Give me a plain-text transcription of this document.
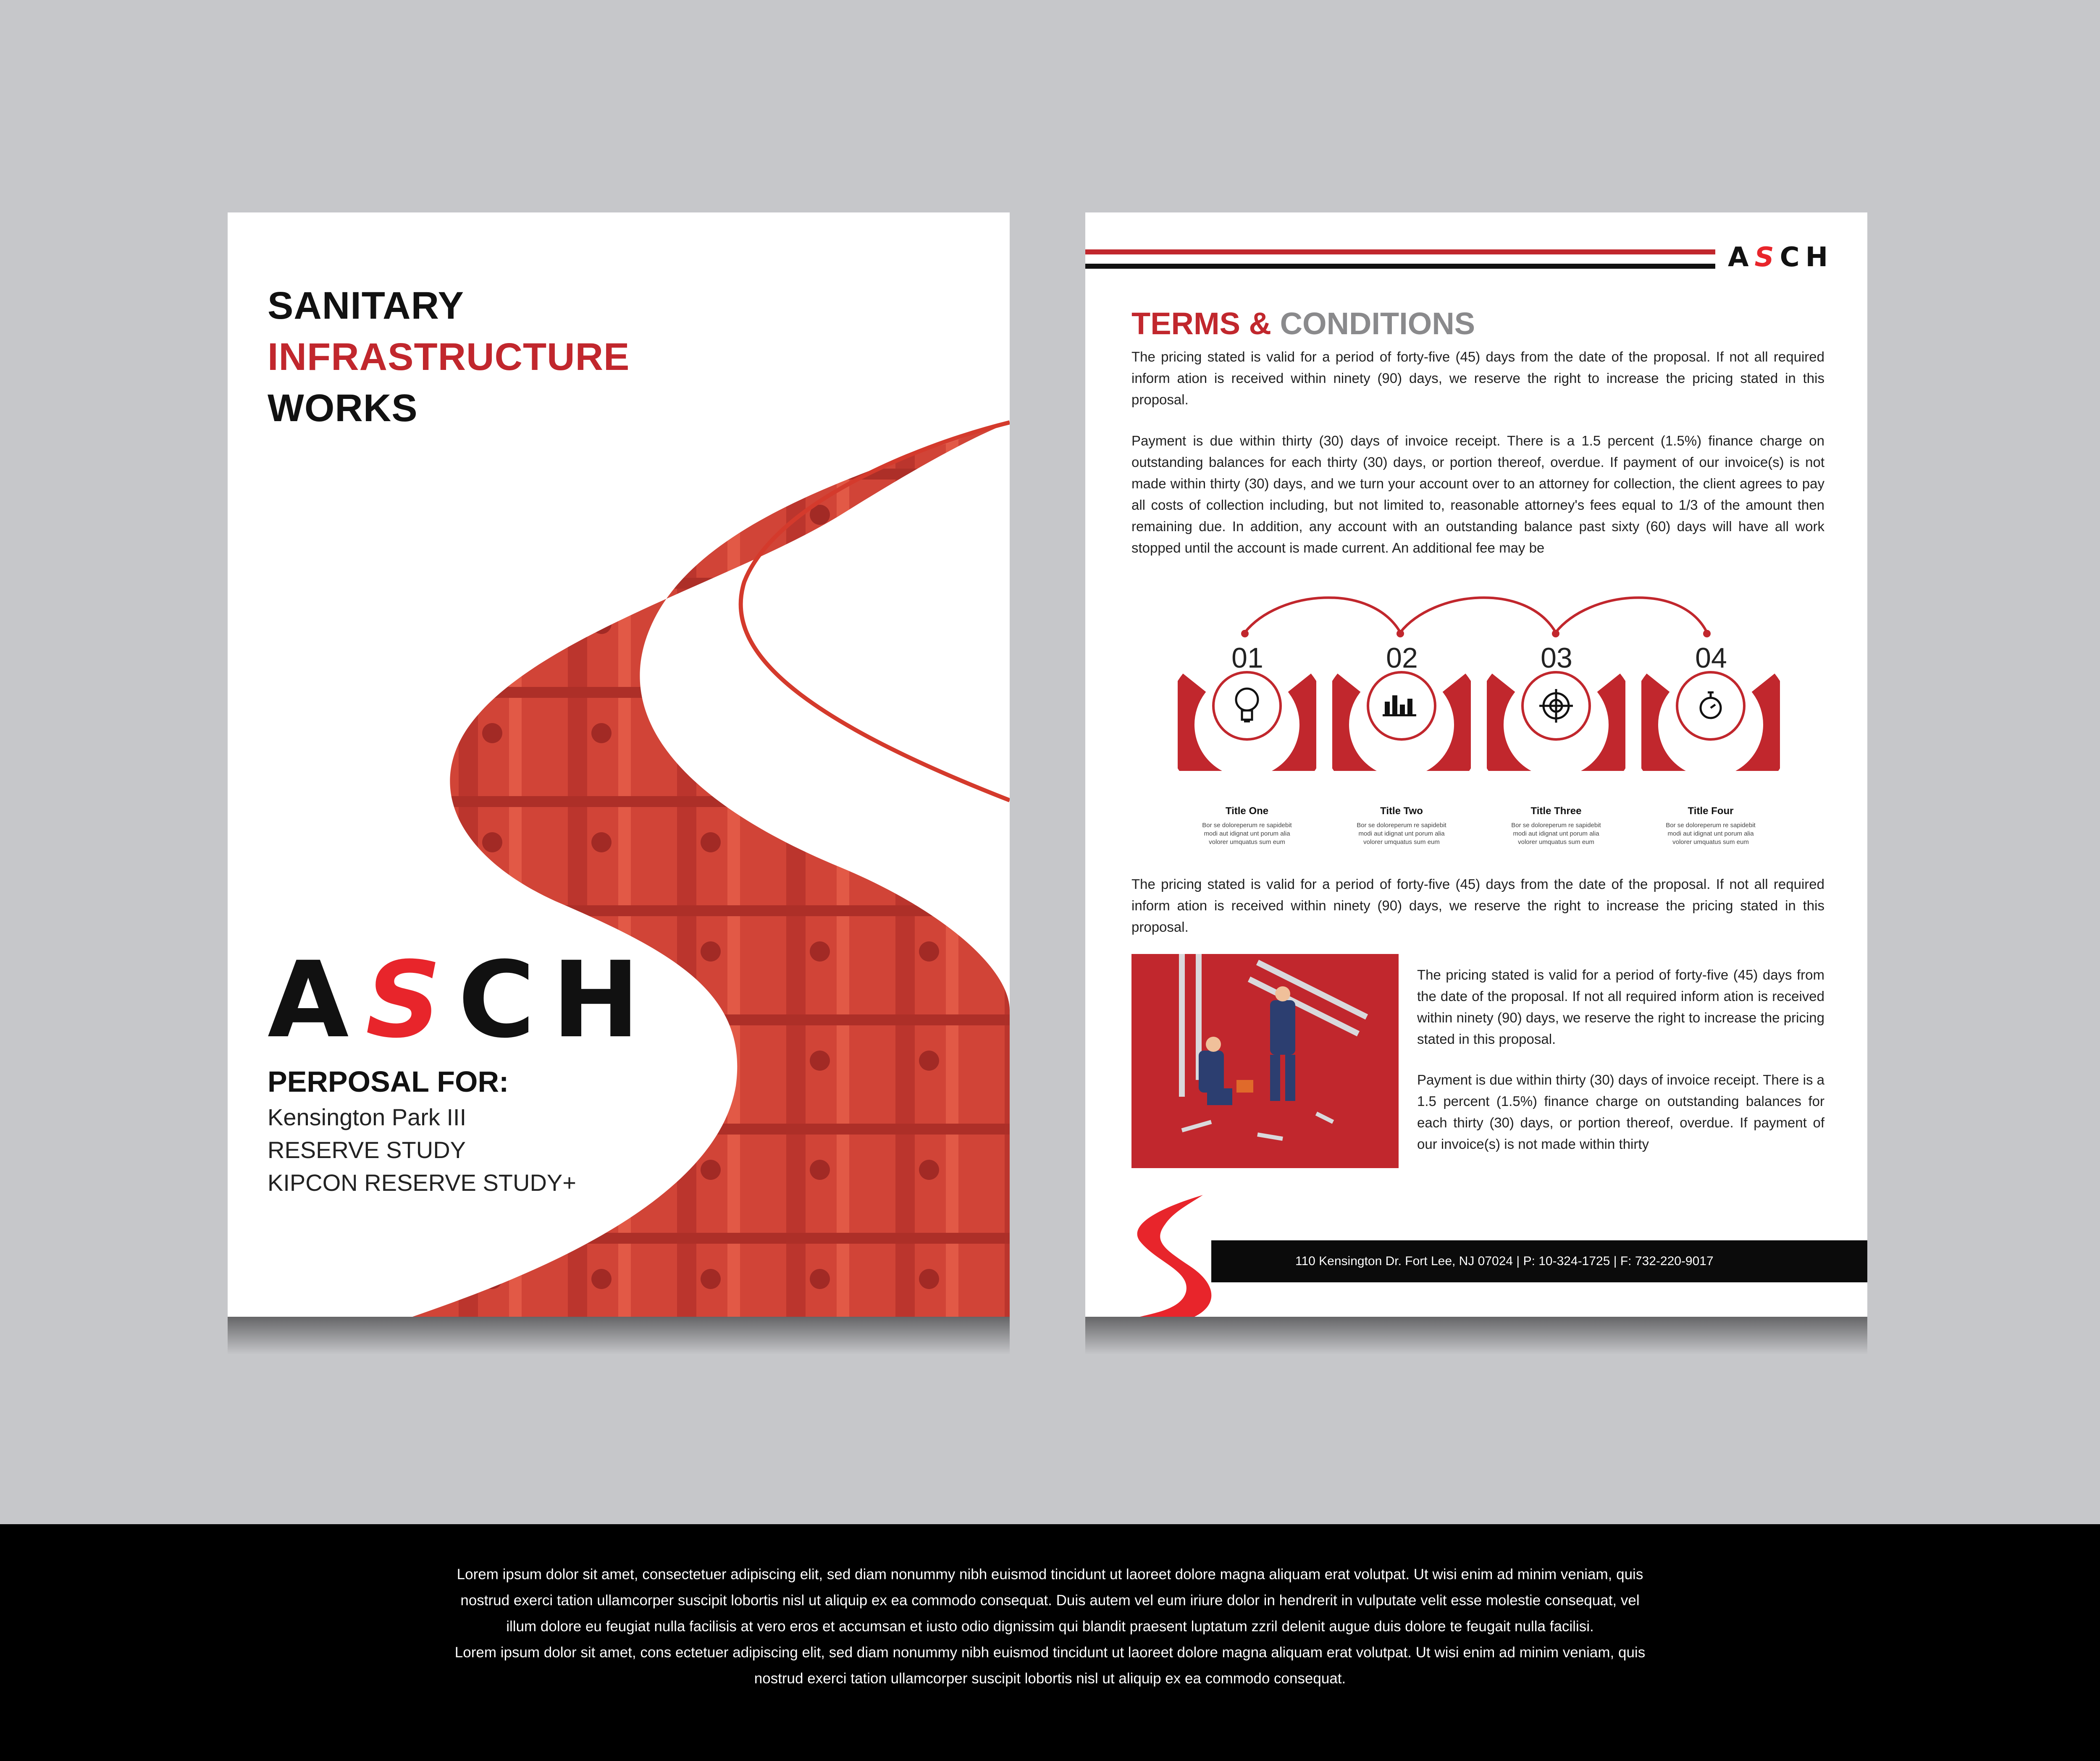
SANITARY
INFRASTRUCTURE
WORKS
ASCH
PERPOSAL FOR:
Kensington Park III
RESERVE STUDY
KIPCON RESERVE STUDY+
ASCH
TERMS & CONDITIONS
The pricing stated is valid for a period of forty-five (45) days from the date of the proposal. If not all required inform ation is received within ninety (90) days, we reserve the right to increase the pricing stated in this proposal.
Payment is due within thirty (30) days of invoice receipt. There is a 1.5 percent (1.5%) finance charge on outstanding balances for each thirty (30) days, or portion thereof, overdue. If payment of our invoice(s) is not made within thirty (30) days, and we turn your account over to an attorney for collection, the client agrees to pay all costs of collection including, but not limited to, reasonable attorney's fees equal to 1/3 of the amount then remaining due. In addition, any account with an outstanding balance past sixty (60) days will have all work stopped until the account is made current. An additional fee may be
01
Title One
Bor se doloreperum re sapidebit
modi aut idignat unt porum alia
volorer umquatus sum eum
02
Title Two
Bor se doloreperum re sapidebit
modi aut idignat unt porum alia
volorer umquatus sum eum
03
Title Three
Bor se doloreperum re sapidebit
modi aut idignat unt porum alia
volorer umquatus sum eum
04
Title Four
Bor se doloreperum re sapidebit
modi aut idignat unt porum alia
volorer umquatus sum eum
The pricing stated is valid for a period of forty-five (45) days from the date of the proposal. If not all required inform ation is received within ninety (90) days, we reserve the right to increase the pricing stated in this proposal.
The pricing stated is valid for a period of forty-five (45) days from the date of the proposal. If not all required inform ation is received within ninety (90) days, we reserve the right to increase the pricing stated in this proposal.
Payment is due within thirty (30) days of invoice receipt. There is a 1.5 percent (1.5%) finance charge on outstanding balances for each thirty (30) days, or portion thereof, overdue. If payment of our invoice(s) is not made within thirty
110 Kensington Dr. Fort Lee, NJ 07024 | P: 10-324-1725 | F: 732-220-9017
Lorem ipsum dolor sit amet, consectetuer adipiscing elit, sed diam nonummy nibh euismod tincidunt ut laoreet dolore magna aliquam erat volutpat. Ut wisi enim ad minim veniam, quis
nostrud exerci tation ullamcorper suscipit lobortis nisl ut aliquip ex ea commodo consequat. Duis autem vel eum iriure dolor in hendrerit in vulputate velit esse molestie consequat, vel
illum dolore eu feugiat nulla facilisis at vero eros et accumsan et iusto odio dignissim qui blandit praesent luptatum zzril delenit augue duis dolore te feugait nulla facilisi.
Lorem ipsum dolor sit amet, cons ectetuer adipiscing elit, sed diam nonummy nibh euismod tincidunt ut laoreet dolore magna aliquam erat volutpat. Ut wisi enim ad minim veniam, quis
nostrud exerci tation ullamcorper suscipit lobortis nisl ut aliquip ex ea commodo consequat.
